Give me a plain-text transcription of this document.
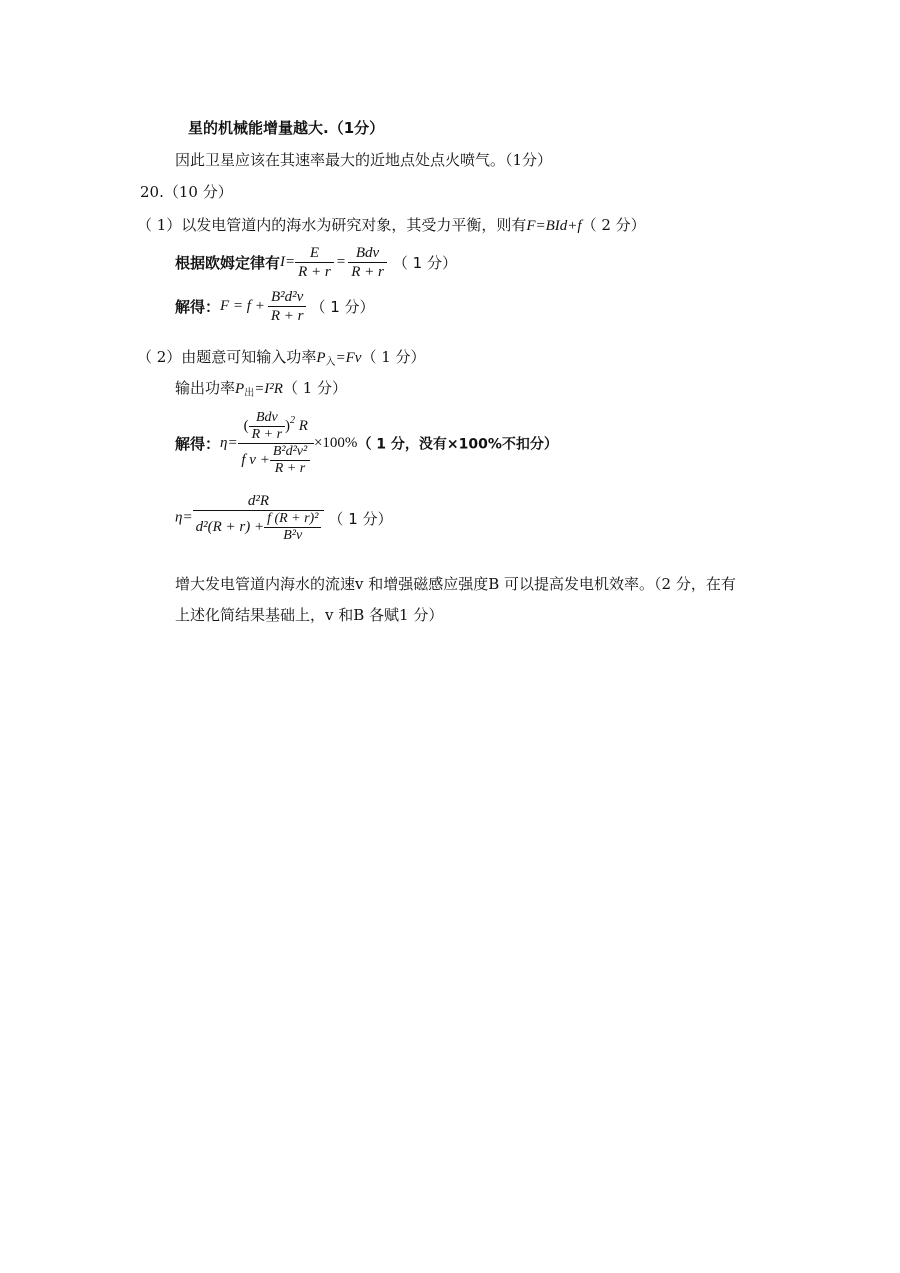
星的机械能增量越大.（1分）
因此卫星应该在其速率最大的近地点处点火喷气。（1分）
20.（10 分）
（ 1）以发电管道内的海水为研究对象，其受力平衡，则有F=BId+f（ 2 分）
根据欧姆定律有$I= \frac{E}{R + r} = \frac{\text{Bdv}}{R + r}$ （ 1 分）
解得：$F = f + \frac{\text{B²d²v}}{R + r}$ （ 1 分）
（ 2）由题意可知输入功率$P_入=Fv$（ 1 分）
输出功率$P_出=I^2R$（ 1 分）
解得：$\eta= \frac{( \frac{\text{Bdv}}{R + r} )^2 R}{f v + \frac{\text{B²d²v²}}{R + r}} \times 100\%$（ 1 分，没有×100%不扣分）
$\eta= \frac{\text{d²R}}{d^2(R + r) + \frac{\text{f (R + r)²}}{\text{B²v}}}$ （ 1 分）
增大发电管道内海水的流速v 和增强磁感应强度B 可以提高发电机效率。（2 分，在有
上述化简结果基础上，v 和B 各赋1 分）
